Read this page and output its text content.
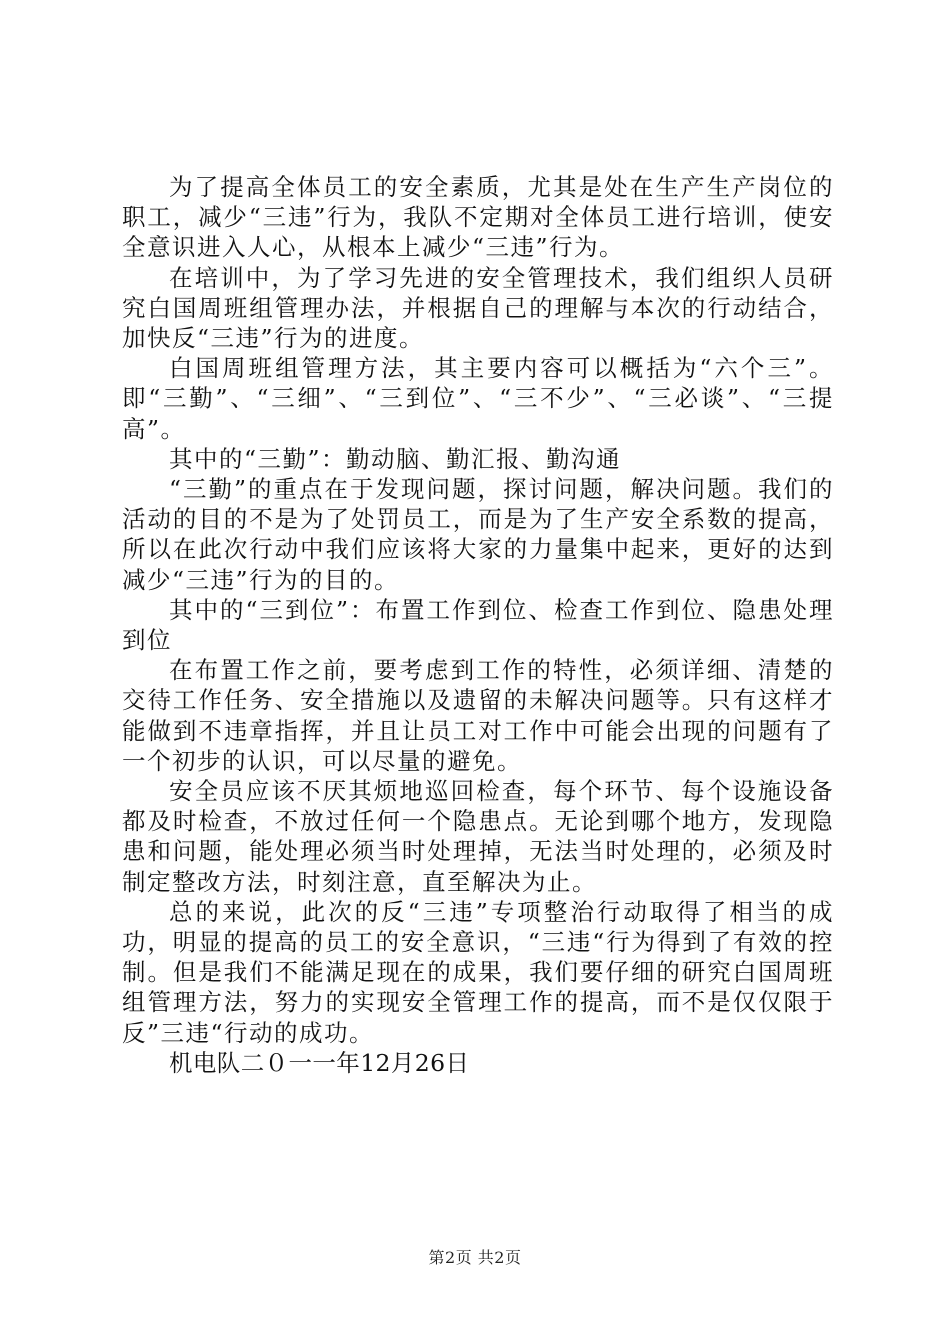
为了提高全体员工的安全素质，尤其是处在生产生产岗位的职工，减少“三违”行为，我队不定期对全体员工进行培训，使安全意识进入人心，从根本上减少“三违”行为。

在培训中，为了学习先进的安全管理技术，我们组织人员研究白国周班组管理办法，并根据自己的理解与本次的行动结合，加快反“三违”行为的进度。

白国周班组管理方法，其主要内容可以概括为“六个三”。即“三勤”、“三细”、“三到位”、“三不少”、“三必谈”、“三提高”。

其中的“三勤”：勤动脑、勤汇报、勤沟通

“三勤”的重点在于发现问题，探讨问题，解决问题。我们的活动的目的不是为了处罚员工，而是为了生产安全系数的提高，所以在此次行动中我们应该将大家的力量集中起来，更好的达到减少“三违”行为的目的。

其中的“三到位”：布置工作到位、检查工作到位、隐患处理到位

在布置工作之前，要考虑到工作的特性，必须详细、清楚的交待工作任务、安全措施以及遗留的未解决问题等。只有这样才能做到不违章指挥，并且让员工对工作中可能会出现的问题有了一个初步的认识，可以尽量的避免。

安全员应该不厌其烦地巡回检查，每个环节、每个设施设备都及时检查，不放过任何一个隐患点。无论到哪个地方，发现隐患和问题，能处理必须当时处理掉，无法当时处理的，必须及时制定整改方法，时刻注意，直至解决为止。

总的来说，此次的反“三违”专项整治行动取得了相当的成功，明显的提高的员工的安全意识，“三违“行为得到了有效的控制。但是我们不能满足现在的成果，我们要仔细的研究白国周班组管理方法，努力的实现安全管理工作的提高，而不是仅仅限于反”三违“行动的成功。

机电队二０一一年12月26日

第2页 共2页
